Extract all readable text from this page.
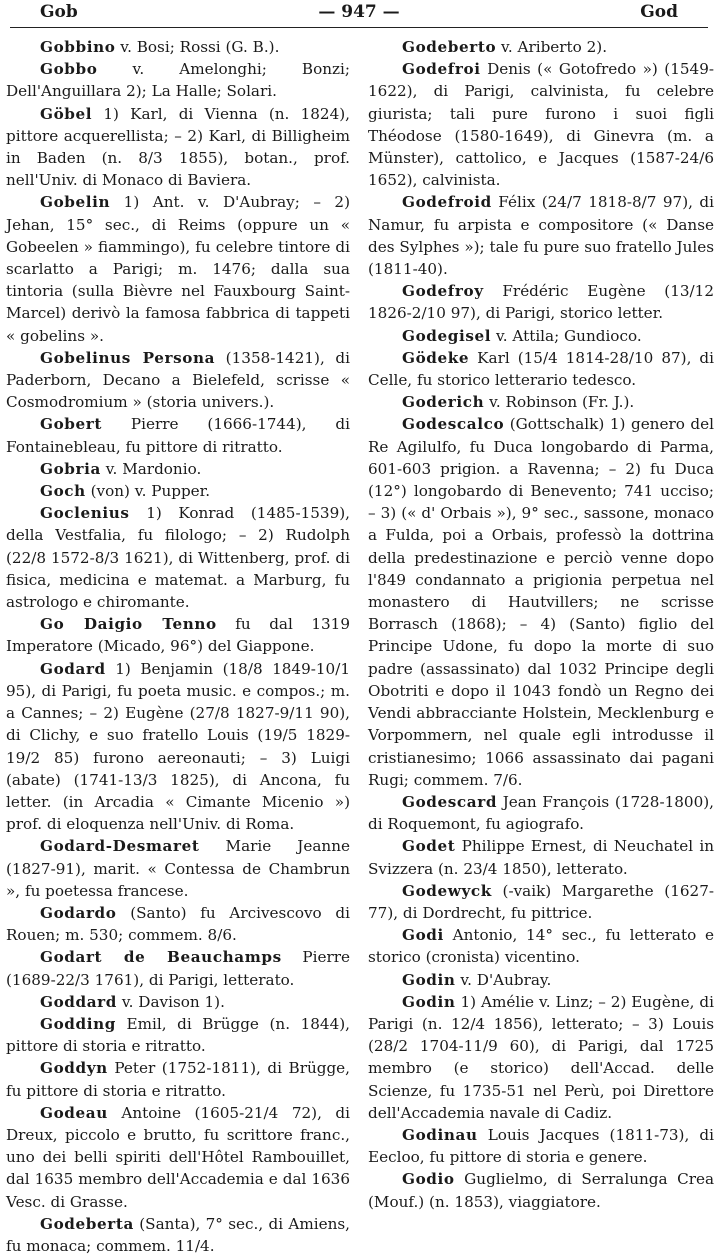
Gob	— 947 —	God

Gobbino v. Bosi; Rossi (G. B.).

Gobbo v. Amelonghi; Bonzi; Dell'Anguillara 2); La Halle; Solari.

Göbel 1) Karl, di Vienna (n. 1824), pittore acquerellista; – 2) Karl, di Billigheim in Baden (n. 8/3 1855), botan., prof. nell'Univ. di Monaco di Baviera.

Gobelin 1) Ant. v. D'Aubray; – 2) Jehan, 15° sec., di Reims (oppure un « Gobeelen » fiammingo), fu celebre tintore di scarlatto a Parigi; m. 1476; dalla sua tintoria (sulla Bièvre nel Fauxbourg Saint-Marcel) derivò la famosa fabbrica di tappeti « gobelins ».

Gobelinus Persona (1358-1421), di Paderborn, Decano a Bielefeld, scrisse « Cosmodromium » (storia univers.).

Gobert Pierre (1666-1744), di Fontainebleau, fu pittore di ritratto.

Gobria v. Mardonio.

Goch (von) v. Pupper.

Goclenius 1) Konrad (1485-1539), della Vestfalia, fu filologo; – 2) Rudolph (22/8 1572-8/3 1621), di Wittenberg, prof. di fisica, medicina e matemat. a Marburg, fu astrologo e chiromante.

Go Daigio Tenno fu dal 1319 Imperatore (Micado, 96°) del Giappone.

Godard 1) Benjamin (18/8 1849-10/1 95), di Parigi, fu poeta music. e compos.; m. a Cannes; – 2) Eugène (27/8 1827-9/11 90), di Clichy, e suo fratello Louis (19/5 1829-19/2 85) furono aereonauti; – 3) Luigi (abate) (1741-13/3 1825), di Ancona, fu letter. (in Arcadia « Cimante Micenio ») prof. di eloquenza nell'Univ. di Roma.

Godard-Desmaret Marie Jeanne (1827-91), marit. « Contessa de Chambrun », fu poetessa francese.

Godardo (Santo) fu Arcivescovo di Rouen; m. 530; commem. 8/6.

Godart de Beauchamps Pierre (1689-22/3 1761), di Parigi, letterato.

Goddard v. Davison 1).

Godding Emil, di Brügge (n. 1844), pittore di storia e ritratto.

Goddyn Peter (1752-1811), di Brügge, fu pittore di storia e ritratto.

Godeau Antoine (1605-21/4 72), di Dreux, piccolo e brutto, fu scrittore franc., uno dei belli spiriti dell'Hôtel Rambouillet, dal 1635 membro dell'Accademia e dal 1636 Vesc. di Grasse.

Godeberta (Santa), 7° sec., di Amiens, fu monaca; commem. 11/4.

Godeberto v. Ariberto 2).

Godefroi Denis (« Gotofredo ») (1549-1622), di Parigi, calvinista, fu celebre giurista; tali pure furono i suoi figli Théodose (1580-1649), di Ginevra (m. a Münster), cattolico, e Jacques (1587-24/6 1652), calvinista.

Godefroid Félix (24/7 1818-8/7 97), di Namur, fu arpista e compositore (« Danse des Sylphes »); tale fu pure suo fratello Jules (1811-40).

Godefroy Frédéric Eugène (13/12 1826-2/10 97), di Parigi, storico letter.

Godegisel v. Attila; Gundioco.

Gödeke Karl (15/4 1814-28/10 87), di Celle, fu storico letterario tedesco.

Goderich v. Robinson (Fr. J.).

Godescalco (Gottschalk) 1) genero del Re Agilulfo, fu Duca longobardo di Parma, 601-603 prigion. a Ravenna; – 2) fu Duca (12°) longobardo di Benevento; 741 ucciso; – 3) (« d' Orbais »), 9° sec., sassone, monaco a Fulda, poi a Orbais, professò la dottrina della predestinazione e perciò venne dopo l'849 condannato a prigionia perpetua nel monastero di Hautvillers; ne scrisse Borrasch (1868); – 4) (Santo) figlio del Principe Udone, fu dopo la morte di suo padre (assassinato) dal 1032 Principe degli Obotriti e dopo il 1043 fondò un Regno dei Vendi abbracciante Holstein, Mecklenburg e Vorpommern, nel quale egli introdusse il cristianesimo; 1066 assassinato dai pagani Rugi; commem. 7/6.

Godescard Jean François (1728-1800), di Roquemont, fu agiografo.

Godet Philippe Ernest, di Neuchatel in Svizzera (n. 23/4 1850), letterato.

Godewyck (-vaik) Margarethe (1627-77), di Dordrecht, fu pittrice.

Godi Antonio, 14° sec., fu letterato e storico (cronista) vicentino.

Godin v. D'Aubray.

Godin 1) Amélie v. Linz; – 2) Eugène, di Parigi (n. 12/4 1856), letterato; – 3) Louis (28/2 1704-11/9 60), di Parigi, dal 1725 membro (e storico) dell'Accad. delle Scienze, fu 1735-51 nel Perù, poi Direttore dell'Accademia navale di Cadiz.

Godinau Louis Jacques (1811-73), di Eecloo, fu pittore di storia e genere.

Godio Guglielmo, di Serralunga Crea (Mouf.) (n. 1853), viaggiatore.
